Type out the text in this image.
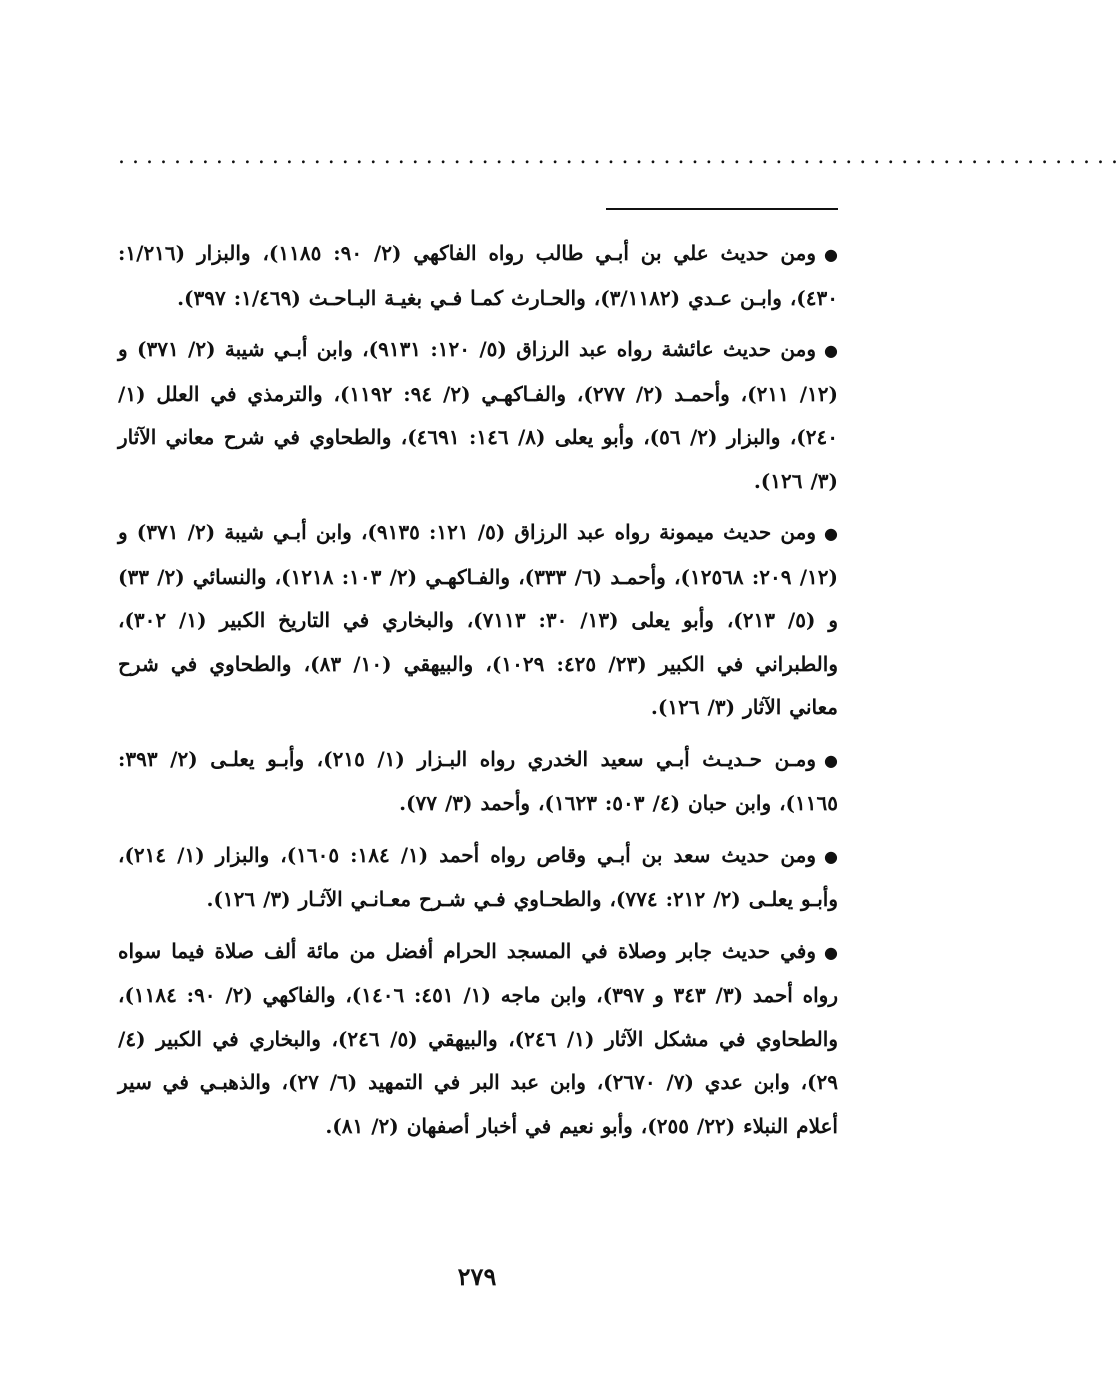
. . . . . . . . . . . . . . . . . . . . . . . . . . . . . . . . . . . . . . . . . . . . . . . . . . . . . . . . . . . . . . . . . . . . . . . .

●ومن حديث علي بن أبـي طالب رواه الفاكهي (٢/ ٩٠: ١١٨٥)، والبزار (١/٢١٦: ٤٣٠)، وابـن عـدي (٣/١١٨٢)، والحـارث كمـا فـي بغيـة البـاحـث (١/٤٦٩: ٣٩٧).

●ومن حديث عائشة رواه عبد الرزاق (٥/ ١٢٠: ٩١٣١)، وابن أبـي شيبة (٢/ ٣٧١) و (١٢/ ٢١١)، وأحمـد (٢/ ٢٧٧)، والفـاكهـي (٢/ ٩٤: ١١٩٢)، والترمذي في العلل (١/ ٢٤٠)، والبزار (٢/ ٥٦)، وأبو يعلى (٨/ ١٤٦: ٤٦٩١)، والطحاوي في شرح معاني الآثار (٣/ ١٢٦).

●ومن حديث ميمونة رواه عبد الرزاق (٥/ ١٢١: ٩١٣٥)، وابن أبـي شيبة (٢/ ٣٧١) و (١٢/ ٢٠٩: ١٢٥٦٨)، وأحمـد (٦/ ٣٣٣)، والفـاكهـي (٢/ ١٠٣: ١٢١٨)، والنسائي (٢/ ٣٣) و (٥/ ٢١٣)، وأبو يعلى (١٣/ ٣٠: ٧١١٣)، والبخاري في التاريخ الكبير (١/ ٣٠٢)، والطبراني في الكبير (٢٣/ ٤٢٥: ١٠٢٩)، والبيهقي (١٠/ ٨٣)، والطحاوي في شرح معاني الآثار (٣/ ١٢٦).

●ومـن حـديـث أبـي سعيد الخدري رواه البـزار (١/ ٢١٥)، وأبـو يعلـى (٢/ ٣٩٣: ١١٦٥)، وابن حبان (٤/ ٥٠٣: ١٦٢٣)، وأحمد (٣/ ٧٧).

●ومن حديث سعد بن أبـي وقاص رواه أحمد (١/ ١٨٤: ١٦٠٥)، والبزار (١/ ٢١٤)، وأبـو يعلـى (٢/ ٢١٢: ٧٧٤)، والطحـاوي فـي شـرح معـانـي الآثـار (٣/ ١٢٦).

●وفي حديث جابر وصلاة في المسجد الحرام أفضل من مائة ألف صلاة فيما سواه رواه أحمد (٣/ ٣٤٣ و ٣٩٧)، وابن ماجه (١/ ٤٥١: ١٤٠٦)، والفاكهي (٢/ ٩٠: ١١٨٤)، والطحاوي في مشكل الآثار (١/ ٢٤٦)، والبيهقي (٥/ ٢٤٦)، والبخاري في الكبير (٤/ ٢٩)، وابن عدي (٧/ ٢٦٧٠)، وابن عبد البر في التمهيد (٦/ ٢٧)، والذهبـي في سير أعلام النبلاء (٢٢/ ٢٥٥)، وأبو نعيم في أخبار أصفهان (٢/ ٨١).

٢٧٩
